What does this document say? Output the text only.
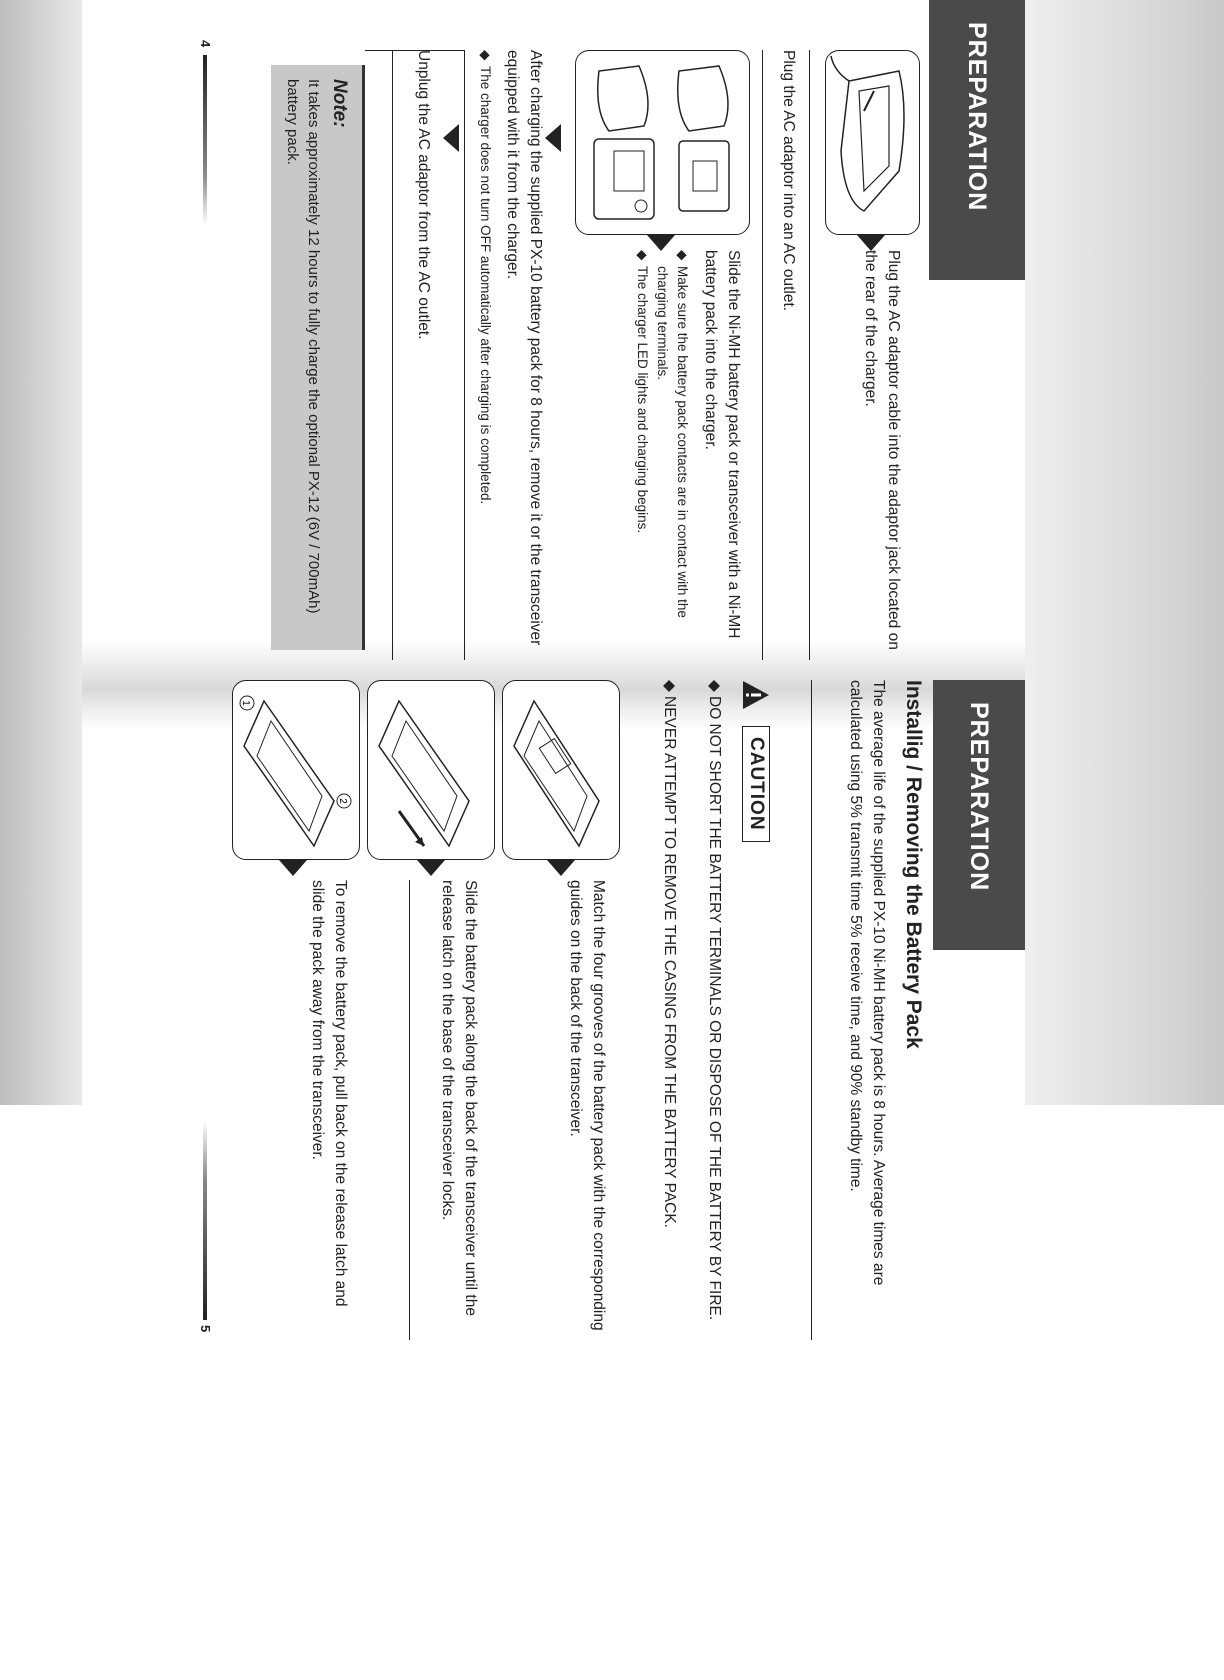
PREPARATION
Plug the AC adaptor cable into the adaptor jack located on the rear of the charger.
Plug the AC adaptor into an AC outlet.
Slide the Ni-MH battery pack or transceiver with a Ni-MH battery pack into the charger.
◆
Make sure the battery pack contacts are in contact with the charging terminals.
◆
The charger LED lights and charging begins.
After charging the supplied PX-10 battery pack for 8 hours, remove it or the transceiver equipped with it from the charger.
◆
The charger does not turn OFF automatically after charging is completed.
Unplug the AC adaptor from the AC outlet.
Note:
It takes approximately 12 hours to fully charge the optional PX-12 (6V / 700mAh) battery pack.
4
PREPARATION
Installig / Removing the Battery Pack
The average life of the supplied PX-10 Ni-MH battery pack is 8 hours. Average times are calculated using 5% transmit time 5% receive time, and 90% standby time.
CAUTION
◆
DO NOT SHORT THE BATTERY TERMINALS OR DISPOSE OF THE BATTERY BY FIRE.
◆
NEVER ATTEMPT TO REMOVE THE CASING FROM THE BATTERY PACK.
Match the four grooves of the battery pack with the corresponding guides on the back of the transceiver.
Slide the battery pack along the back of the transceiver until the release latch on the base of the transceiver locks.
1
2
To remove the battery pack, pull back on the release latch and slide the pack away from the transceiver.
5
